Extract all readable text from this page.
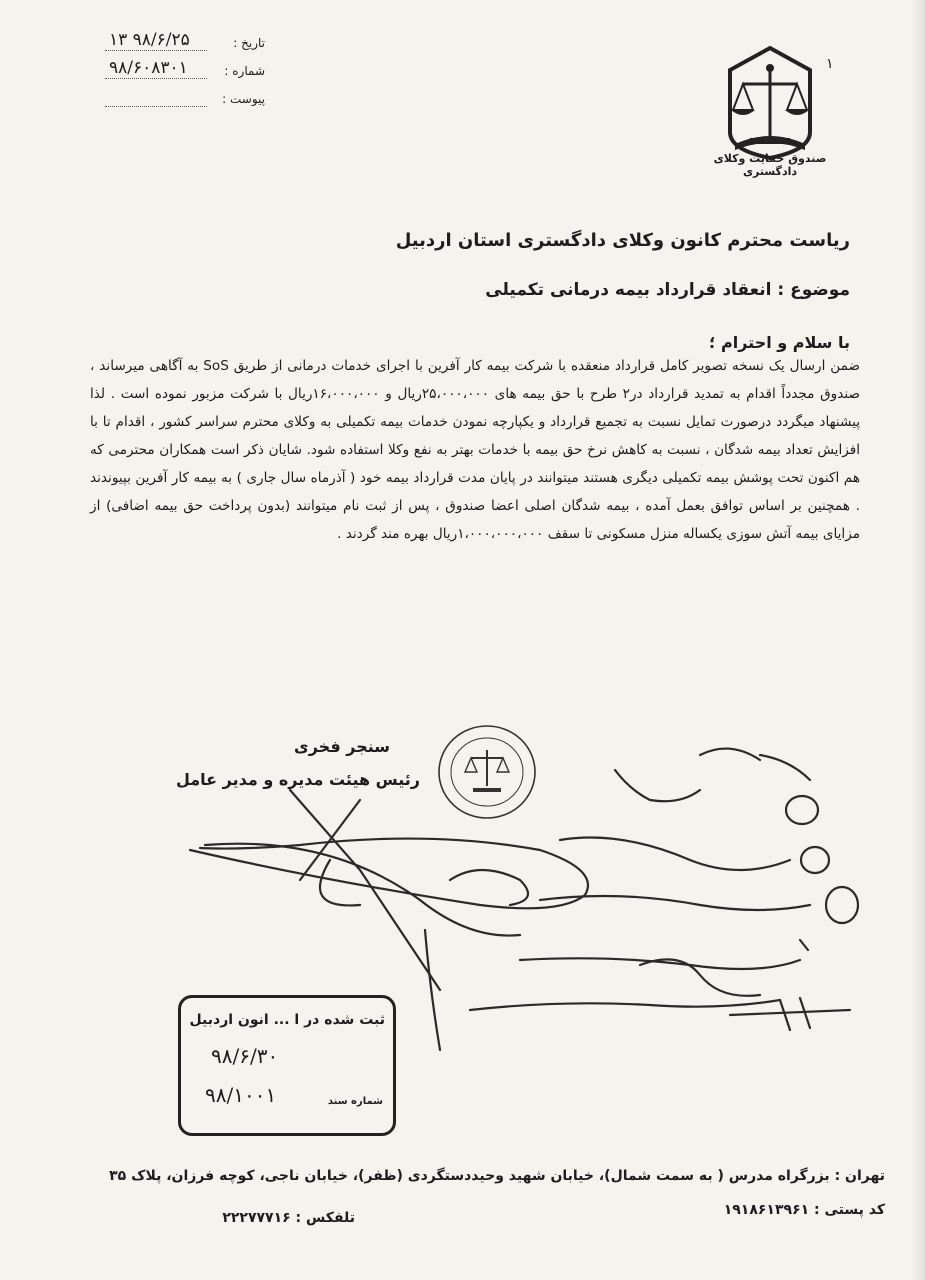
تاریخ :
۱۳ ۹۸/۶/۲۵
شماره :
۹۸/۶۰۸۳۰۱
پیوست :
صندوق حمایت وکلای دادگستری
۱
ریاست محترم کانون وکلای دادگستری استان اردبیل
موضوع : انعقاد قرارداد بیمه درمانی تکمیلی
با سلام و احترام ؛
ضمن ارسال یک نسخه تصویر کامل قرارداد منعقده با شرکت بیمه کار آفرین با اجرای خدمات درمانی از طریق SoS به آگاهی میرساند ، صندوق مجدداً اقدام به تمدید قرارداد در۲ طرح با حق بیمه های ۲۵،۰۰۰،۰۰۰ریال و ۱۶،۰۰۰،۰۰۰ریال با شرکت مزبور نموده است . لذا پیشنهاد میگردد درصورت تمایل نسبت به تجمیع قرارداد و یکپارچه نمودن خدمات بیمه تکمیلی به وکلای محترم سراسر کشور ، اقدام تا با افزایش تعداد بیمه شدگان ، نسبت به کاهش نرخ حق بیمه با خدمات بهتر به نفع وکلا استفاده شود. شایان ذکر است همکاران محترمی که هم اکنون تحت پوشش بیمه تکمیلی دیگری هستند میتوانند در پایان مدت قرارداد بیمه خود ( آذرماه سال جاری ) به بیمه کار آفرین بپیوندند . همچنین بر اساس توافق بعمل آمده ، بیمه شدگان اصلی اعضا صندوق ، پس از ثبت نام میتوانند (بدون پرداخت حق بیمه اضافی) از مزایای بیمه آتش سوزی یکساله منزل مسکونی تا سقف ۱،۰۰۰،۰۰۰،۰۰۰ریال بهره مند گردند .
سنجر فخری
رئیس هیئت مدیره و مدیر عامل
ثبت شده در ا ... انون اردبیل
۹۸/۶/۳۰
۹۸/۱۰۰۱	شماره سند
تهران : بزرگراه مدرس ( به سمت شمال)، خیابان شهید وحیددستگردی (ظفر)، خیابان ناجی، کوچه فرزان، پلاک ۳۵
کد پستی : ۱۹۱۸۶۱۳۹۶۱
تلفکس : ۲۲۲۷۷۷۱۶
